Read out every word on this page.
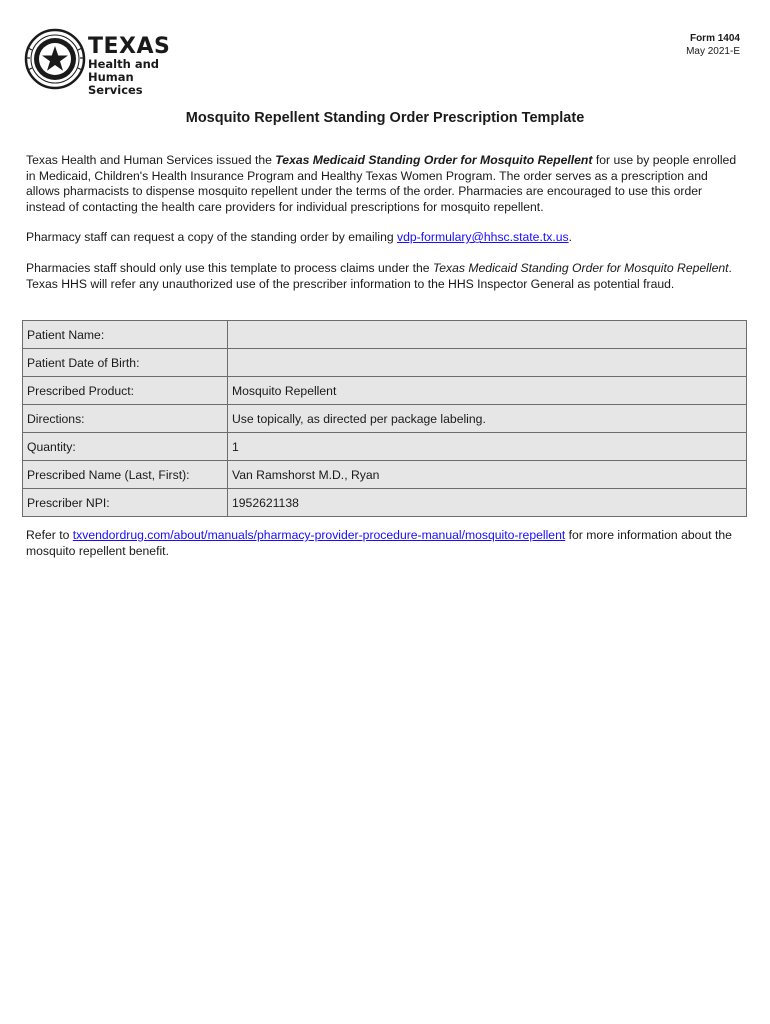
TEXAS
Health and Human
Services
Form 1404
May 2021-E
Mosquito Repellent Standing Order Prescription Template
Texas Health and Human Services issued the Texas Medicaid Standing Order for Mosquito Repellent for use by people enrolled in Medicaid, Children's Health Insurance Program and Healthy Texas Women Program. The order serves as a prescription and allows pharmacists to dispense mosquito repellent under the terms of the order. Pharmacies are encouraged to use this order instead of contacting the health care providers for individual prescriptions for mosquito repellent.
Pharmacy staff can request a copy of the standing order by emailing vdp-formulary@hhsc.state.tx.us.
Pharmacies staff should only use this template to process claims under the Texas Medicaid Standing Order for Mosquito Repellent. Texas HHS will refer any unauthorized use of the prescriber information to the HHS Inspector General as potential fraud.
Patient Name:	
Patient Date of Birth:	
Prescribed Product:	Mosquito Repellent
Directions:	Use topically, as directed per package labeling.
Quantity:	1
Prescribed Name (Last, First):	Van Ramshorst M.D., Ryan
Prescriber NPI:	1952621138
Refer to txvendordrug.com/about/manuals/pharmacy-provider-procedure-manual/mosquito-repellent for more information about the mosquito repellent benefit.
